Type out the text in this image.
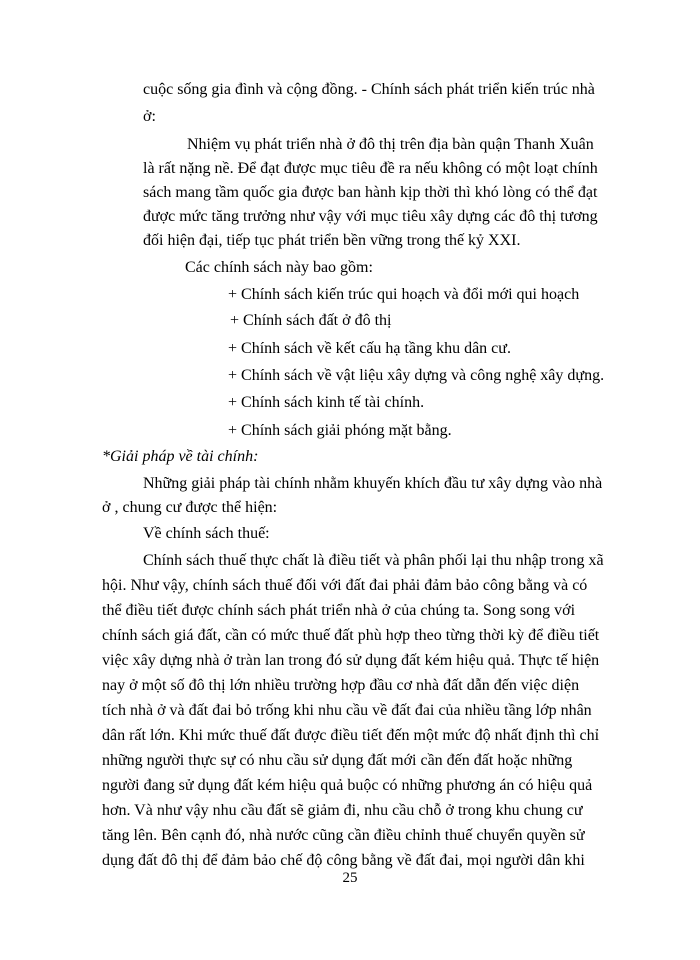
cuộc sống gia đình và cộng đồng. - Chính sách phát triển kiến trúc nhà

ở:

Nhiệm vụ phát triển nhà ở đô thị trên địa bàn quận Thanh Xuân

là rất nặng nề. Để đạt được mục tiêu đề ra nếu không có một loạt chính

sách mang tầm quốc gia được ban hành kịp thời thì khó lòng có thể đạt

được mức tăng trưởng như vậy với mục tiêu xây dựng các đô thị tương

đối hiện đại, tiếp tục phát triển bền vững trong thế kỷ XXI.

Các chính sách này bao gồm:

+ Chính sách kiến trúc qui hoạch và đổi mới qui hoạch

+ Chính sách đất ở đô thị

+ Chính sách về kết cấu hạ tầng khu dân cư.

+ Chính sách về vật liệu xây dựng và công nghệ xây dựng.

+ Chính sách kinh tế tài chính.

+ Chính sách giải phóng mặt bằng.

*Giải pháp về tài chính:

Những giải pháp tài chính nhằm khuyến khích đầu tư xây dựng vào nhà

ở , chung cư được thể hiện:

Về chính sách thuế:

Chính sách thuế thực chất là điều tiết và phân phối lại thu nhập trong xã

hội. Như vậy, chính sách thuế đối với đất đai phải đảm bảo công bằng và có

thể điều tiết được chính sách phát triển nhà ở của chúng ta. Song song với

chính sách giá đất, cần có mức thuế đất phù hợp theo từng thời kỳ để điều tiết

việc xây dựng nhà ở tràn lan trong đó sử dụng đất kém hiệu quả. Thực tế hiện

nay ở một số đô thị lớn nhiều trường hợp đầu cơ nhà đất dẫn đến việc diện

tích nhà ở và đất đai bỏ trống khi nhu cầu về đất đai của nhiều tầng lớp nhân

dân rất lớn. Khi mức thuế đất được điều tiết đến một mức độ nhất định thì chỉ

những người thực sự có nhu cầu sử dụng đất mới cần đến đất hoặc những

người đang sử dụng đất kém hiệu quả buộc có những phương án có hiệu quả

hơn. Và như vậy nhu cầu đất sẽ giảm đi, nhu cầu chỗ ở trong khu chung cư

tăng lên. Bên cạnh đó, nhà nước cũng cần điều chỉnh thuế chuyển quyền sử

dụng đất đô thị để đảm bảo chế độ công bằng về đất đai, mọi người dân khi

25
